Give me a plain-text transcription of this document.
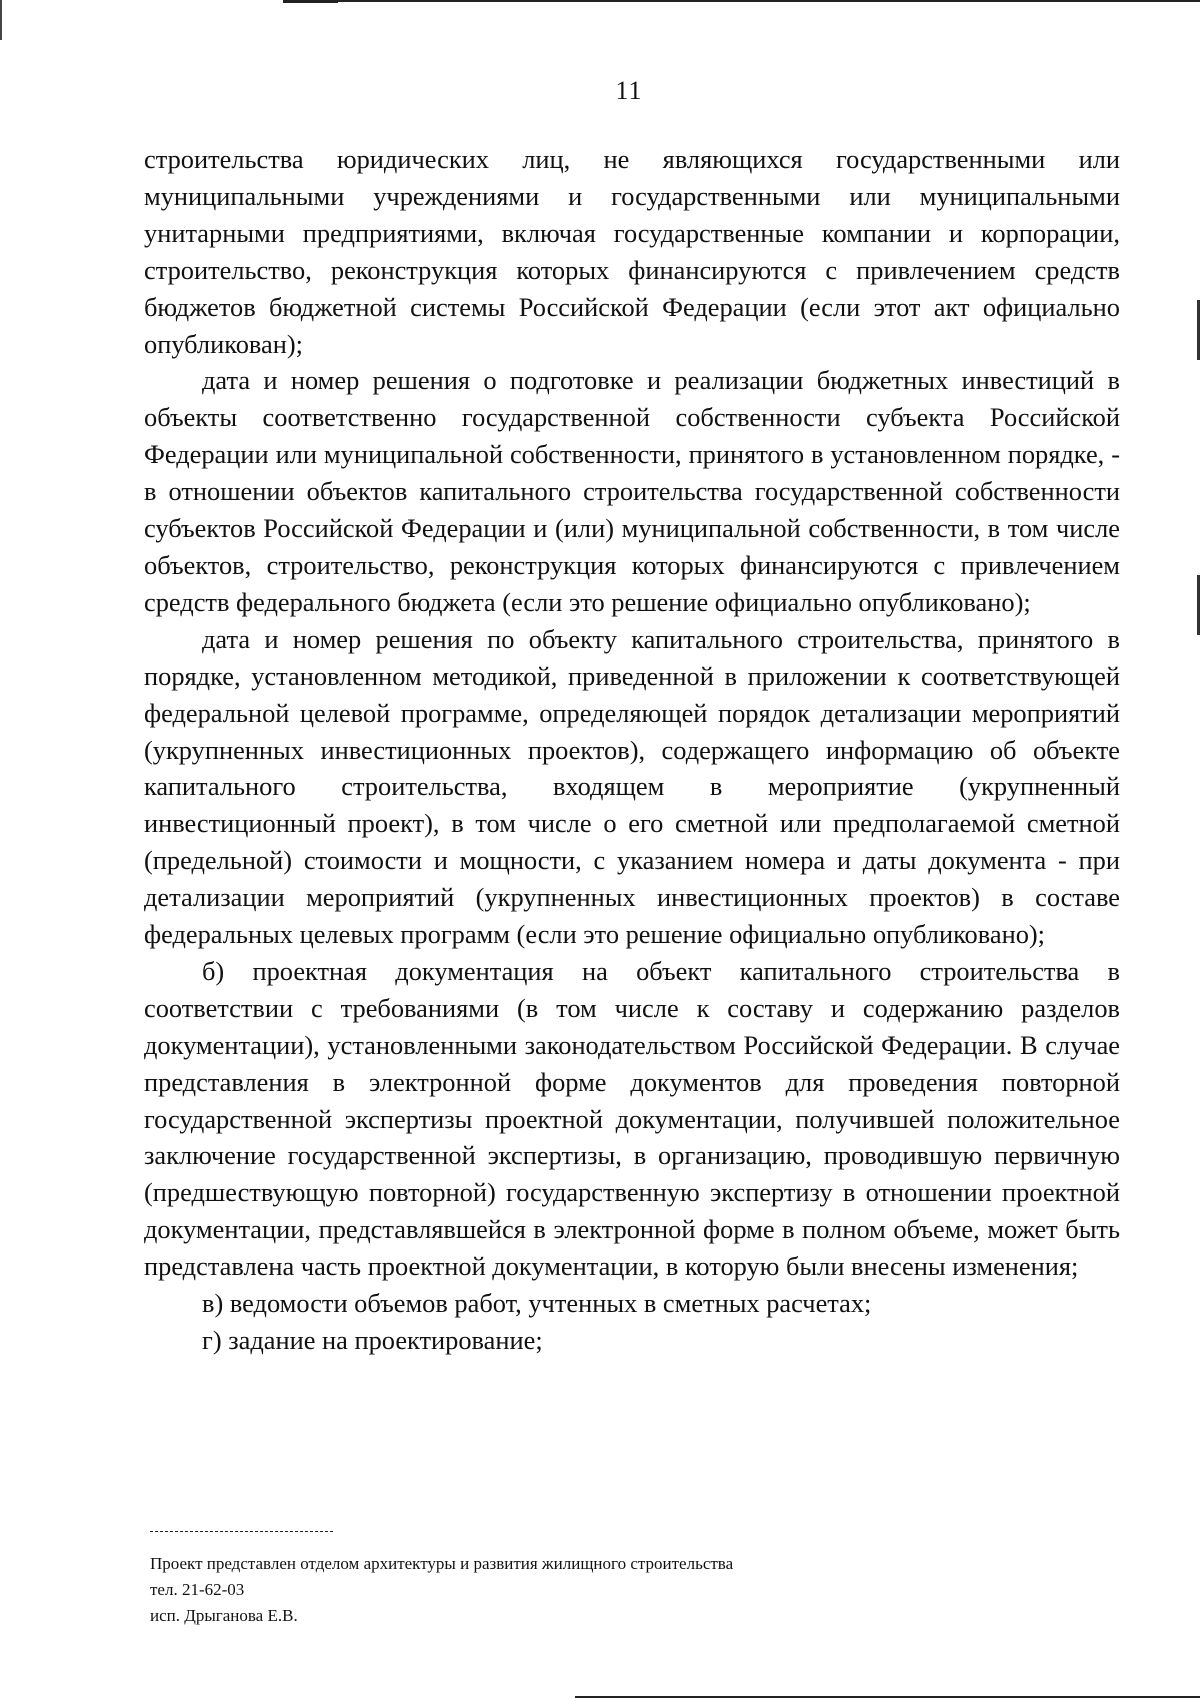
11

строительства юридических лиц, не являющихся государственными или муниципальными учреждениями и государственными или муниципальными унитарными предприятиями, включая государственные компании и корпорации, строительство, реконструкция которых финансируются с привлечением средств бюджетов бюджетной системы Российской Федерации (если этот акт официально опубликован);

дата и номер решения о подготовке и реализации бюджетных инвестиций в объекты соответственно государственной собственности субъекта Российской Федерации или муниципальной собственности, принятого в установленном порядке, - в отношении объектов капитального строительства государственной собственности субъектов Российской Федерации и (или) муниципальной собственности, в том числе объектов, строительство, реконструкция которых финансируются с привлечением средств федерального бюджета (если это решение официально опубликовано);

дата и номер решения по объекту капитального строительства, принятого в порядке, установленном методикой, приведенной в приложении к соответствующей федеральной целевой программе, определяющей порядок детализации мероприятий (укрупненных инвестиционных проектов), содержащего информацию об объекте капитального строительства, входящем в мероприятие (укрупненный инвестиционный проект), в том числе о его сметной или предполагаемой сметной (предельной) стоимости и мощности, с указанием номера и даты документа - при детализации мероприятий (укрупненных инвестиционных проектов) в составе федеральных целевых программ (если это решение официально опубликовано);

б) проектная документация на объект капитального строительства в соответствии с требованиями (в том числе к составу и содержанию разделов документации), установленными законодательством Российской Федерации. В случае представления в электронной форме документов для проведения повторной государственной экспертизы проектной документации, получившей положительное заключение государственной экспертизы, в организацию, проводившую первичную (предшествующую повторной) государственную экспертизу в отношении проектной документации, представлявшейся в электронной форме в полном объеме, может быть представлена часть проектной документации, в которую были внесены изменения;

в) ведомости объемов работ, учтенных в сметных расчетах;

г) задание на проектирование;

Проект представлен отделом архитектуры и развития жилищного строительства
тел. 21-62-03
исп. Дрыганова Е.В.
